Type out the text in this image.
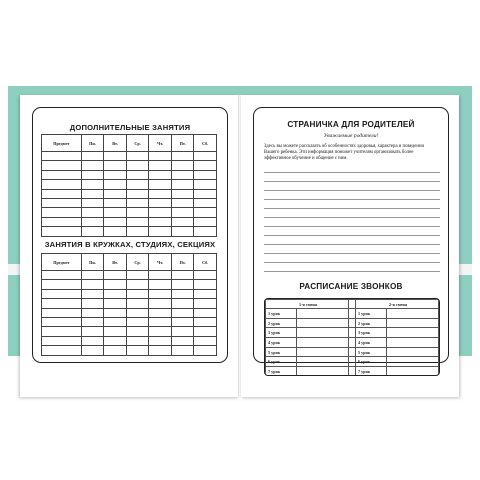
ДОПОЛНИТЕЛЬНЫЕ ЗАНЯТИЯ
Предмет	Пн.	Вт.	Ср.	Чт.	Пт.	Сб.

ЗАНЯТИЯ В КРУЖКАХ, СТУДИЯХ, СЕКЦИЯХ
Предмет	Пн.	Вт.	Ср.	Чт.	Пт.	Сб.

СТРАНИЧКА ДЛЯ РОДИТЕЛЕЙ
Уважаемые родители!
Здесь вы можете рассказать об особенностях здоровья, характера и поведении Вашего ребенка. Эти информация поможет учителям организовать более эффективное обучение и общение с ним.
РАСПИСАНИЕ ЗВОНКОВ
1-я смена			2-я смена	
1 урок			1 урок	
2 урок			2 урок	
3 урок			3 урок	
4 урок			4 урок	
5 урок			5 урок	
6 урок			6 урок	
7 урок			7 урок	
